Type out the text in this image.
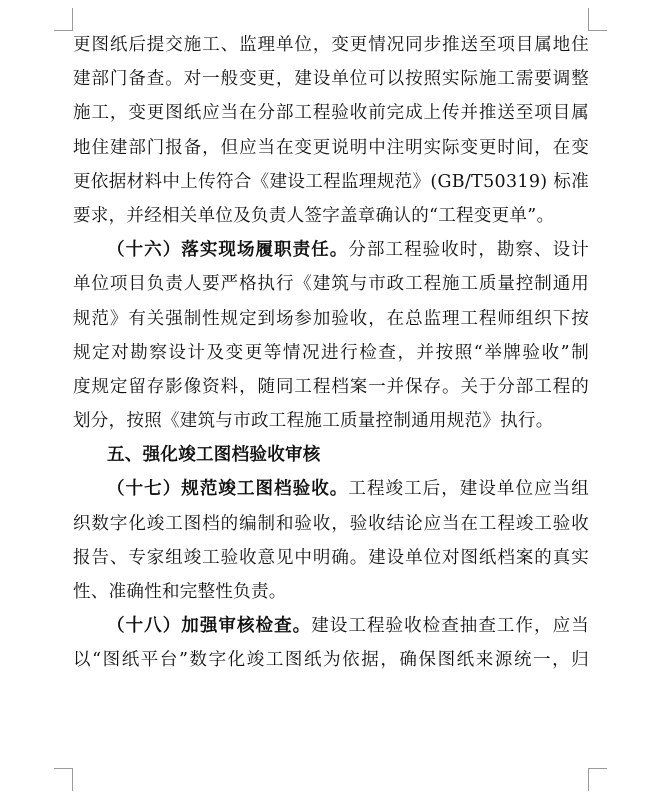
更图纸后提交施工、监理单位，变更情况同步推送至项目属地住
建部门备查。对一般变更，建设单位可以按照实际施工需要调整
施工，变更图纸应当在分部工程验收前完成上传并推送至项目属
地住建部门报备，但应当在变更说明中注明实际变更时间，在变
更依据材料中上传符合《建设工程监理规范》(GB/T50319) 标准
要求，并经相关单位及负责人签字盖章确认的“工程变更单”。
（十六）落实现场履职责任。分部工程验收时，勘察、设计
单位项目负责人要严格执行《建筑与市政工程施工质量控制通用
规范》有关强制性规定到场参加验收，在总监理工程师组织下按
规定对勘察设计及变更等情况进行检查，并按照“举牌验收”制
度规定留存影像资料，随同工程档案一并保存。关于分部工程的
划分，按照《建筑与市政工程施工质量控制通用规范》执行。
五、强化竣工图档验收审核
（十七）规范竣工图档验收。工程竣工后，建设单位应当组
织数字化竣工图档的编制和验收，验收结论应当在工程竣工验收
报告、专家组竣工验收意见中明确。建设单位对图纸档案的真实
性、准确性和完整性负责。
（十八）加强审核检查。建设工程验收检查抽查工作，应当
以“图纸平台”数字化竣工图纸为依据，确保图纸来源统一，归
